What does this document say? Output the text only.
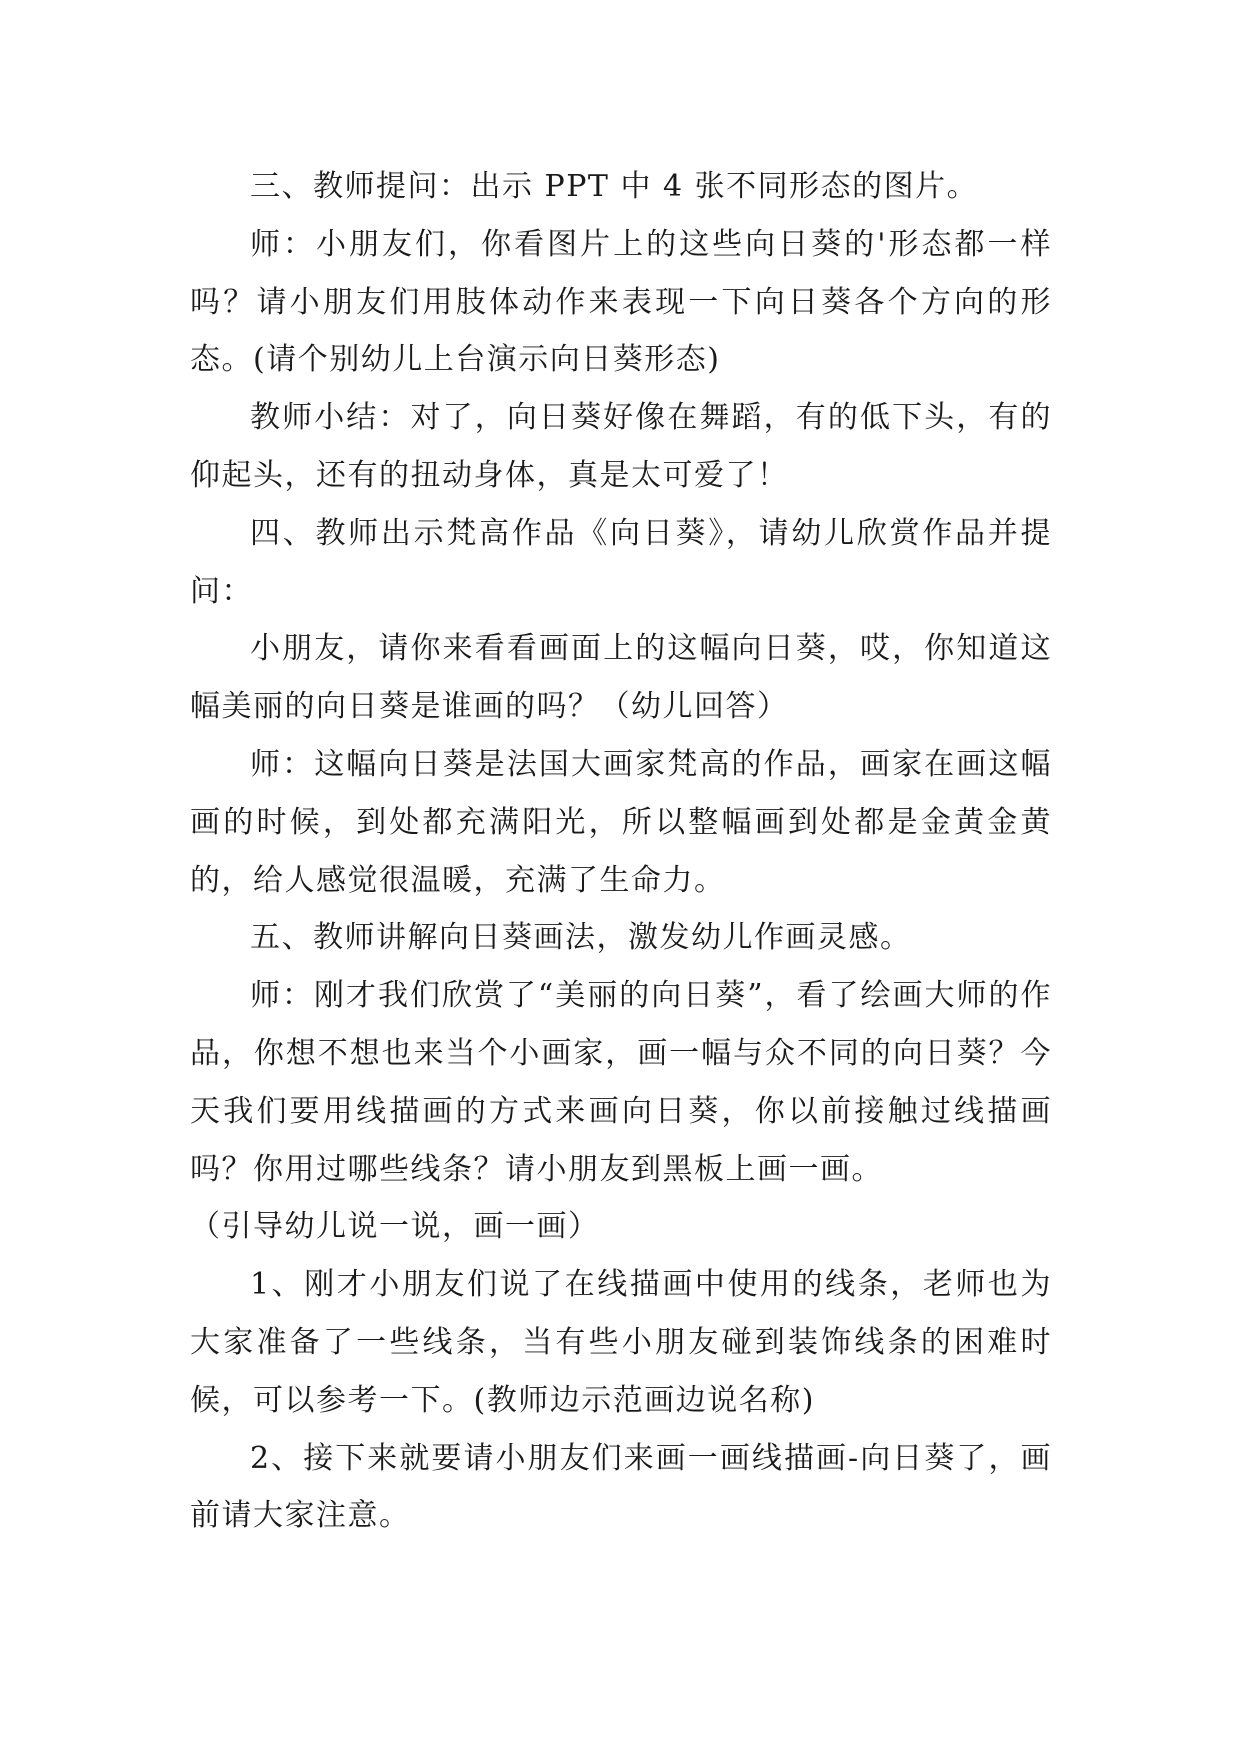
三、教师提问：出示 PPT 中 4 张不同形态的图片。

师：小朋友们，你看图片上的这些向日葵的'形态都一样吗？请小朋友们用肢体动作来表现一下向日葵各个方向的形态。(请个别幼儿上台演示向日葵形态)

教师小结：对了，向日葵好像在舞蹈，有的低下头，有的仰起头，还有的扭动身体，真是太可爱了！

四、教师出示梵高作品《向日葵》，请幼儿欣赏作品并提问：

小朋友，请你来看看画面上的这幅向日葵，哎，你知道这幅美丽的向日葵是谁画的吗？（幼儿回答）

师：这幅向日葵是法国大画家梵高的作品，画家在画这幅画的时候，到处都充满阳光，所以整幅画到处都是金黄金黄的，给人感觉很温暖，充满了生命力。

五、教师讲解向日葵画法，激发幼儿作画灵感。

师：刚才我们欣赏了“美丽的向日葵”，看了绘画大师的作品，你想不想也来当个小画家，画一幅与众不同的向日葵？今天我们要用线描画的方式来画向日葵，你以前接触过线描画吗？你用过哪些线条？请小朋友到黑板上画一画。

（引导幼儿说一说，画一画）

1、刚才小朋友们说了在线描画中使用的线条，老师也为大家准备了一些线条，当有些小朋友碰到装饰线条的困难时候，可以参考一下。(教师边示范画边说名称)

2、接下来就要请小朋友们来画一画线描画-向日葵了，画前请大家注意。
